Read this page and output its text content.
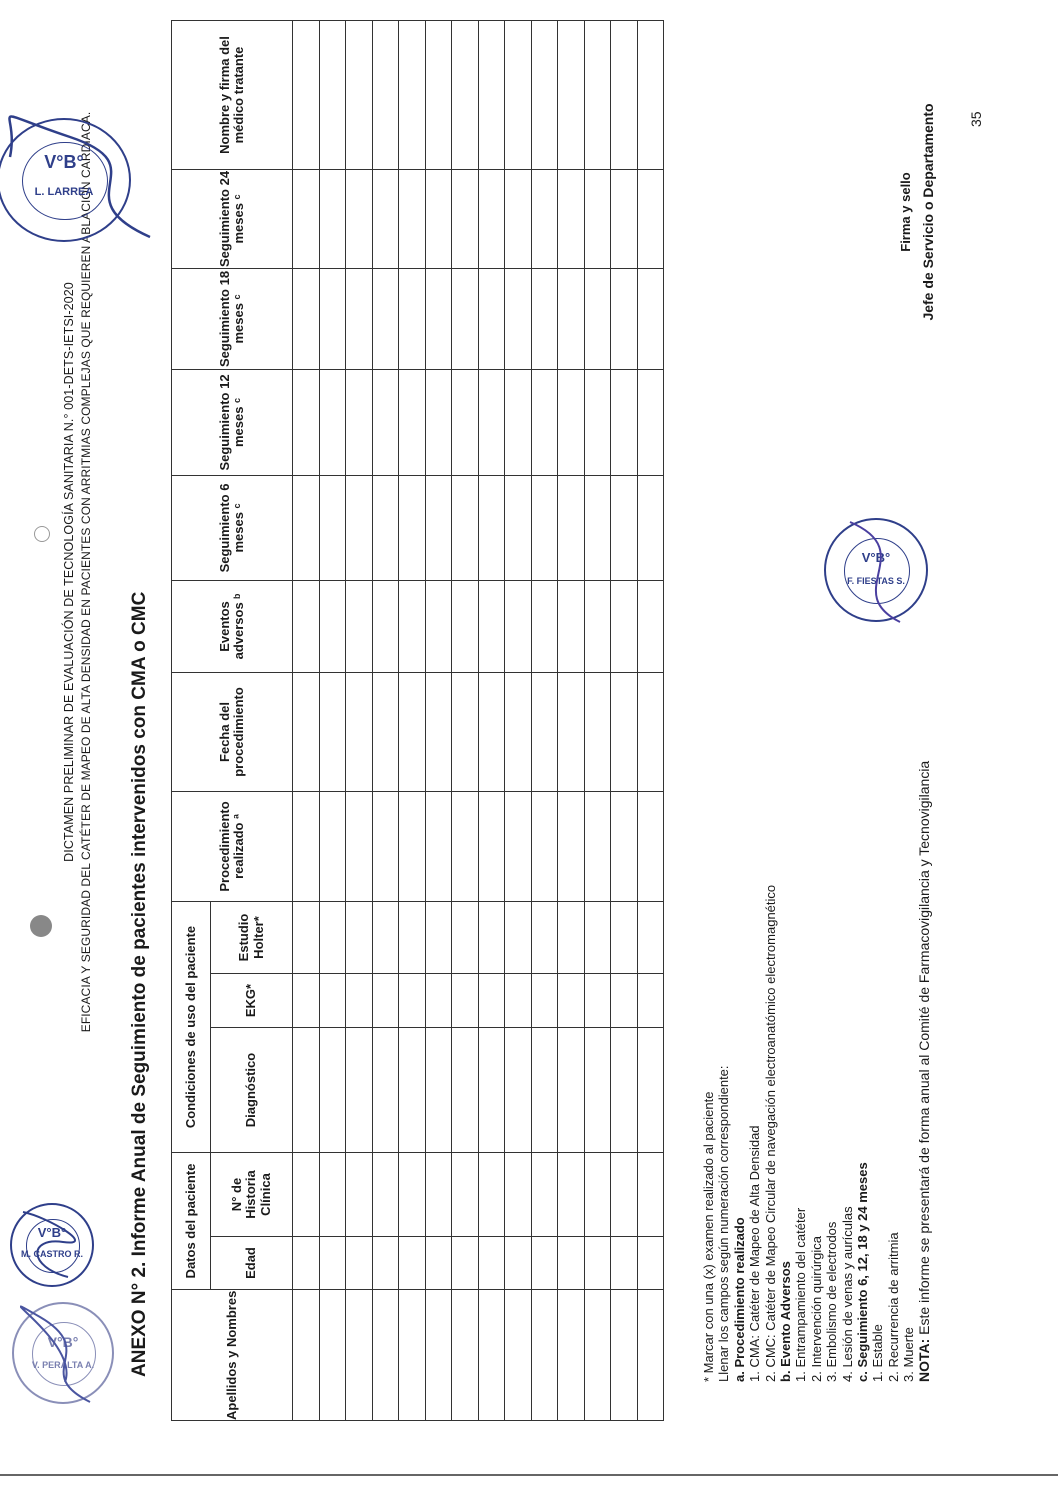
DICTAMEN PRELIMINAR DE EVALUACIÓN DE TECNOLOGÍA SANITARIA N.° 001-DETS-IETSI-2020 EFICACIA Y SEGURIDAD DEL CATÉTER DE MAPEO DE ALTA DENSIDAD EN PACIENTES CON ARRITMIAS COMPLEJAS QUE REQUIEREN ABLACIÓN CARDIACA. ANEXO N° 2. Informe Anual de Seguimiento de pacientes intervenidos con CMA o CMC	Apellidos y Nombres	Datos del paciente		Condiciones de uso del paciente			Procedimiento realizado ª	Fecha del procedimiento	Eventos adversos ᵇ	Seguimiento 6 meses ᶜ	Seguimiento 12 meses ᶜ	Seguimiento 18 meses ᶜ	Seguimiento 24 meses ᶜ	Nombre y firma del médico tratante
	Edad	N° de Historia Clínica	Diagnóstico	EKG*	Estudio Holter*								

* Marcar con una (x) examen realizado al paciente Llenar los campos según numeración correspondiente: a. Procedimiento realizado 1. CMA: Catéter de Mapeo de Alta Densidad 2. CMC: Catéter de Mapeo Circular de navegación electroanatómico electromagnético b. Evento Adversos 1. Entrampamiento del catéter 2. Intervención quirúrgica 3. Embolismo de electrodos 4. Lesión de venas y aurículas c. Seguimiento 6, 12, 18 y 24 meses 1. Estable 2. Recurrencia de arritmia 3. Muerte NOTA: Este informe se presentará de forma anual al Comité de Farmacovigilancia y Tecnovigilancia
Firma y sello Jefe de Servicio o Departamento 35
V°B°
V. PERALTA A.
V°B°
M. CASTRO R.
V°B°
F. FIESTAS S.
V°B°
L. LARREA
